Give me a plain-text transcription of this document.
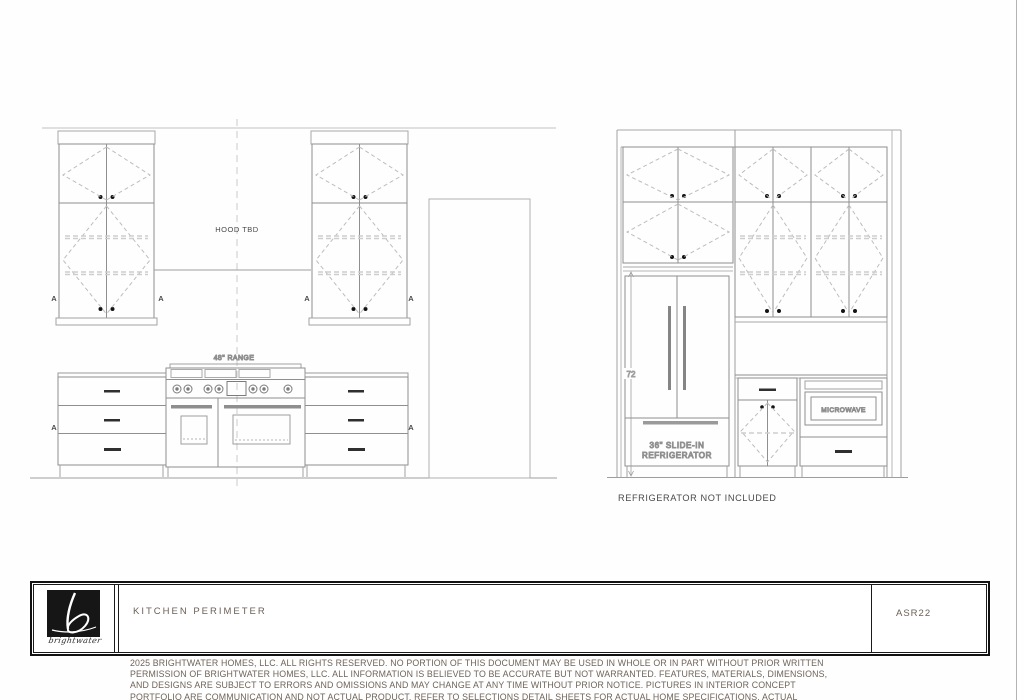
HOOD TBD
48" RANGE
A	A	A	A
A	A
36" SLIDE-IN
REFRIGERATOR
72
MICROWAVE
REFRIGERATOR NOT INCLUDED
brightwater
KITCHEN PERIMETER	ASR22
2025 BRIGHTWATER HOMES, LLC. ALL RIGHTS RESERVED. NO PORTION OF THIS DOCUMENT MAY BE USED IN WHOLE OR IN PART WITHOUT PRIOR WRITTEN
PERMISSION OF BRIGHTWATER HOMES, LLC. ALL INFORMATION IS BELIEVED TO BE ACCURATE BUT NOT WARRANTED. FEATURES, MATERIALS, DIMENSIONS,
AND DESIGNS ARE SUBJECT TO ERRORS AND OMISSIONS AND MAY CHANGE AT ANY TIME WITHOUT PRIOR NOTICE. PICTURES IN INTERIOR CONCEPT
PORTFOLIO ARE COMMUNICATION AND NOT ACTUAL PRODUCT. REFER TO SELECTIONS DETAIL SHEETS FOR ACTUAL HOME SPECIFICATIONS. ACTUAL
